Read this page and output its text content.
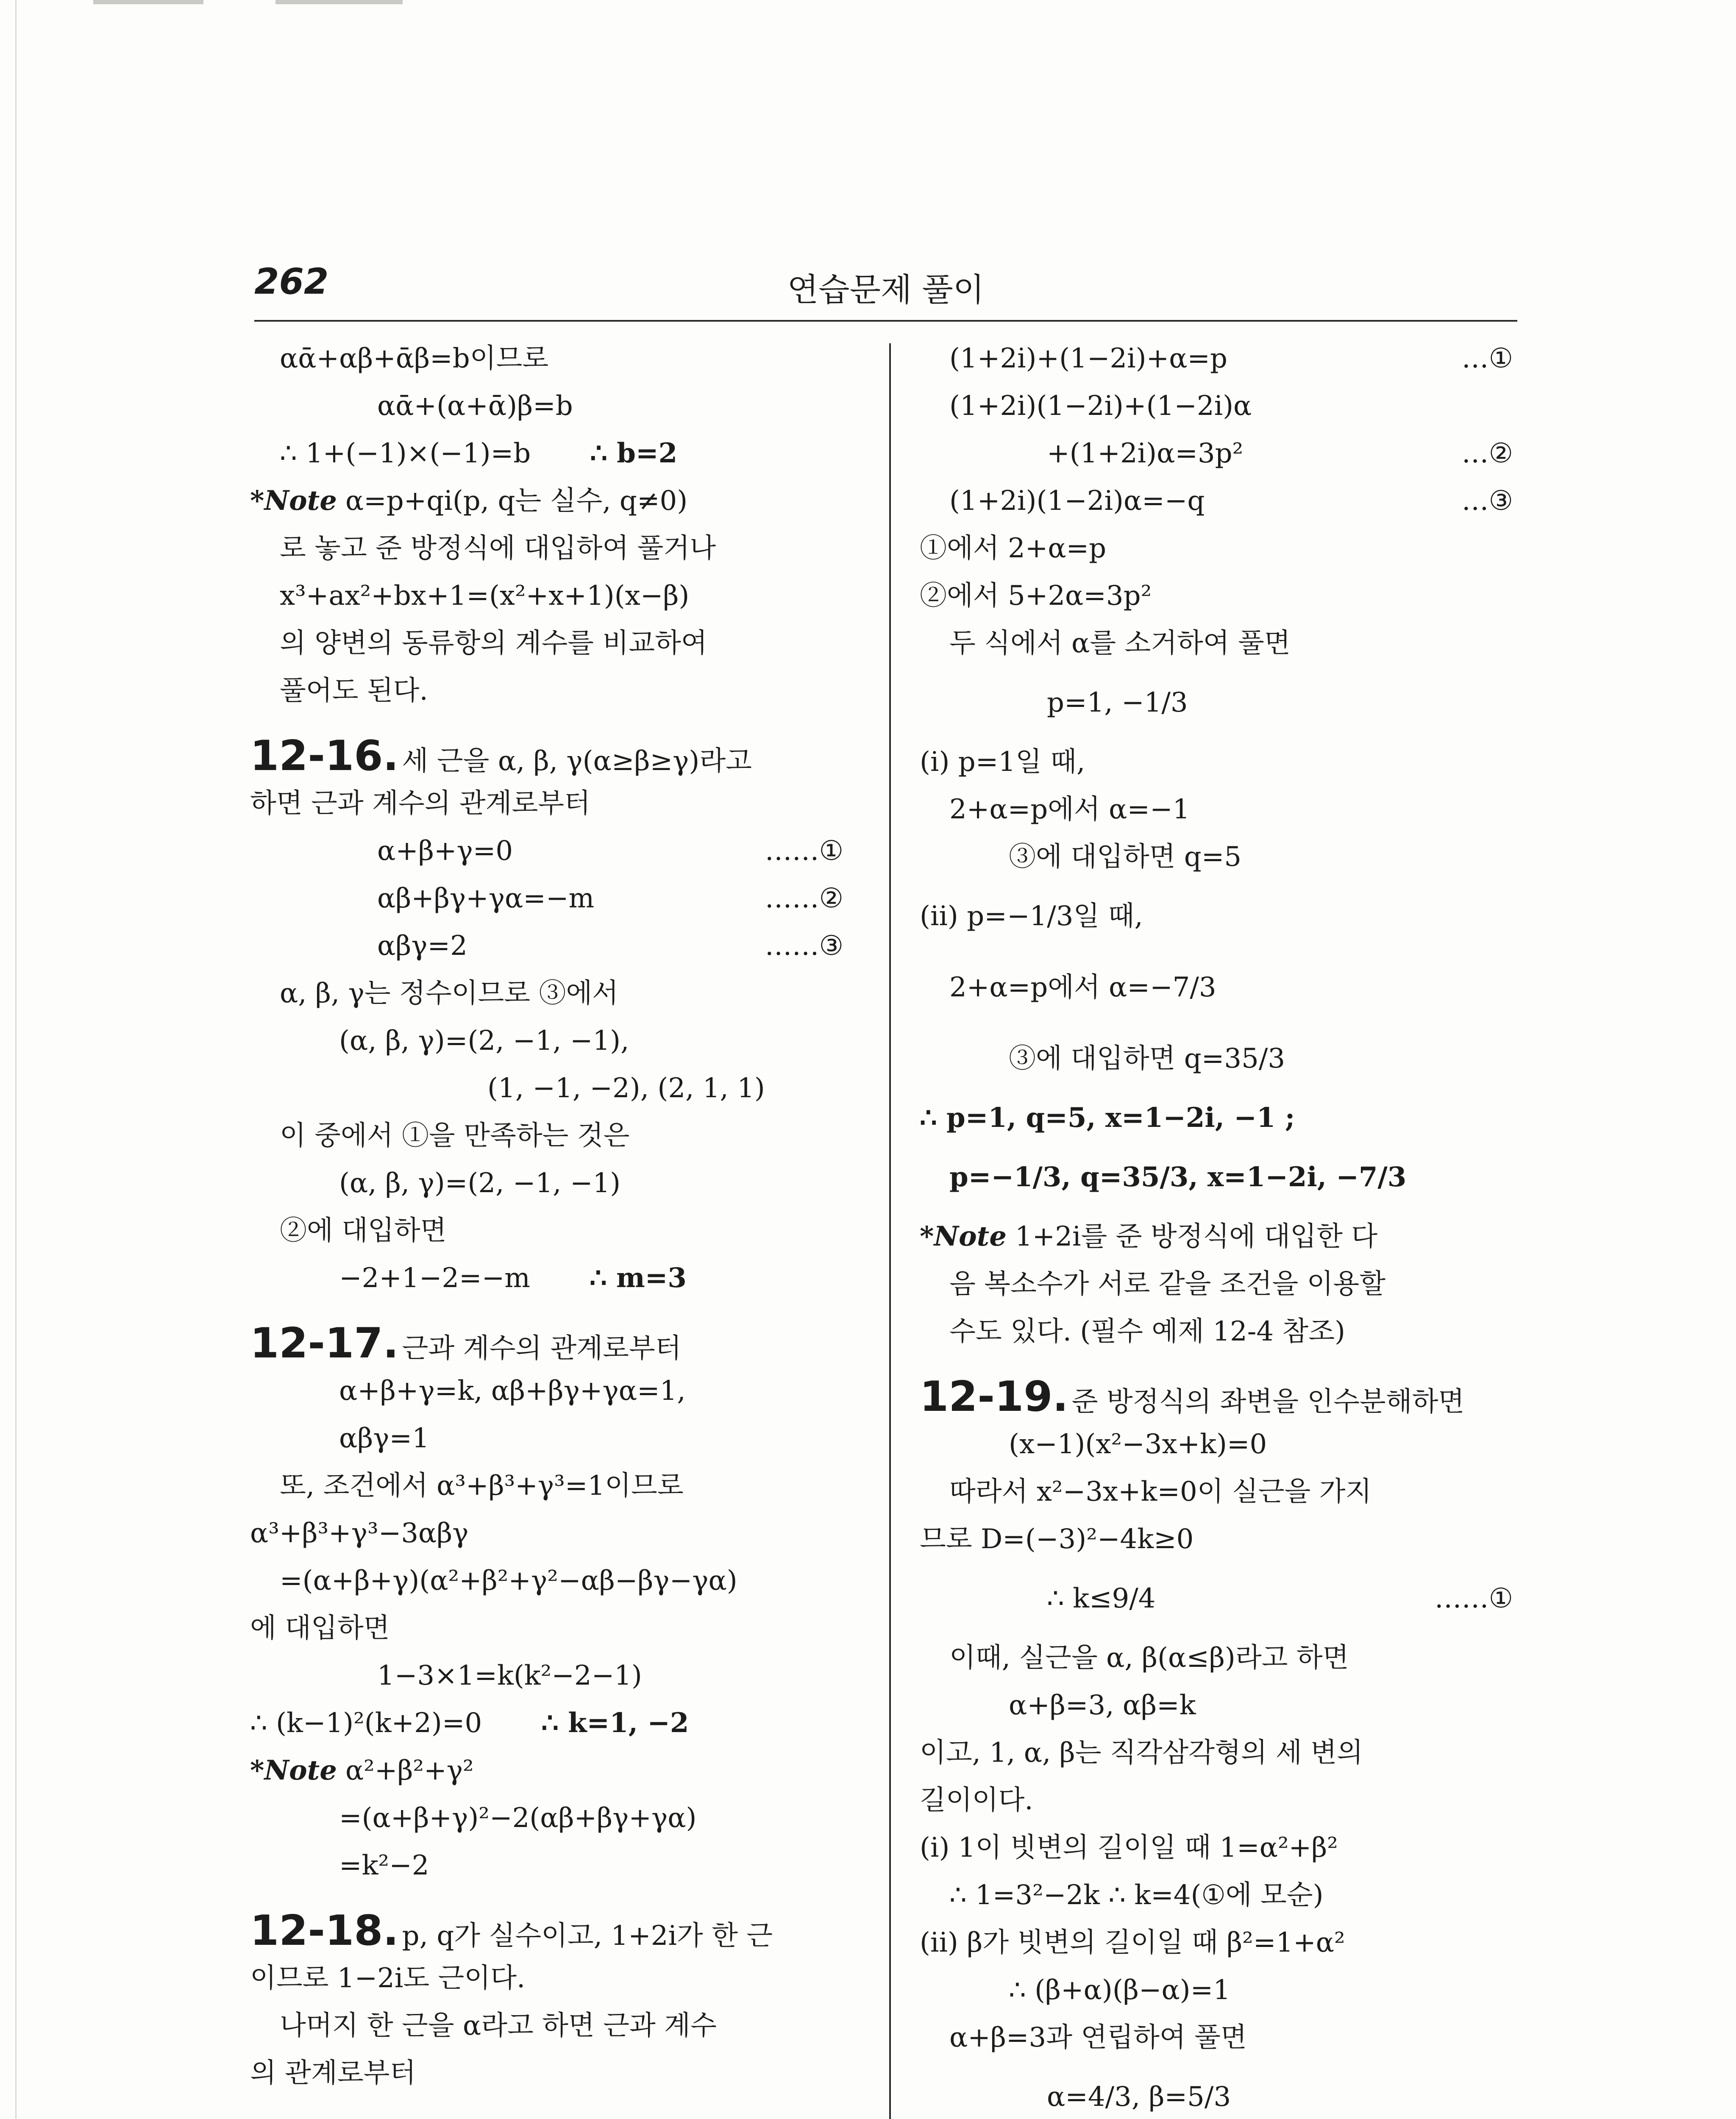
262	연습문제 풀이
αᾱ+αβ+ᾱβ=b이므로
αᾱ+(α+ᾱ)β=b
∴ 1+(−1)×(−1)=b ∴ b=2
*Note α=p+qi(p, q는 실수, q≠0)
로 놓고 준 방정식에 대입하여 풀거나
x³+ax²+bx+1=(x²+x+1)(x−β)
의 양변의 동류항의 계수를 비교하여
풀어도 된다.
12-16. 세 근을 α, β, γ(α≥β≥γ)라고
하면 근과 계수의 관계로부터
α+β+γ=0	……①
αβ+βγ+γα=−m	……②
αβγ=2	……③
α, β, γ는 정수이므로 ③에서
(α, β, γ)=(2, −1, −1),
(1, −1, −2), (2, 1, 1)
이 중에서 ①을 만족하는 것은
(α, β, γ)=(2, −1, −1)
②에 대입하면
−2+1−2=−m ∴ m=3
12-17. 근과 계수의 관계로부터
α+β+γ=k, αβ+βγ+γα=1,
αβγ=1
또, 조건에서 α³+β³+γ³=1이므로
α³+β³+γ³−3αβγ
=(α+β+γ)(α²+β²+γ²−αβ−βγ−γα)
에 대입하면
1−3×1=k(k²−2−1)
∴ (k−1)²(k+2)=0 ∴ k=1, −2
*Note α²+β²+γ²
=(α+β+γ)²−2(αβ+βγ+γα)
=k²−2
12-18. p, q가 실수이고, 1+2i가 한 근
이므로 1−2i도 근이다.
나머지 한 근을 α라고 하면 근과 계수
의 관계로부터
(1+2i)+(1−2i)+α=p	…①
(1+2i)(1−2i)+(1−2i)α
+(1+2i)α=3p²	…②
(1+2i)(1−2i)α=−q	…③
①에서 2+α=p
②에서 5+2α=3p²
두 식에서 α를 소거하여 풀면
p=1, −1/3
(i) p=1일 때,
2+α=p에서 α=−1
③에 대입하면 q=5
(ii) p=−1/3일 때,
2+α=p에서 α=−7/3
③에 대입하면 q=35/3
∴ p=1, q=5, x=1−2i, −1 ;
p=−1/3, q=35/3, x=1−2i, −7/3
*Note 1+2i를 준 방정식에 대입한 다
음 복소수가 서로 같을 조건을 이용할
수도 있다. (필수 예제 12-4 참조)
12-19. 준 방정식의 좌변을 인수분해하면
(x−1)(x²−3x+k)=0
따라서 x²−3x+k=0이 실근을 가지
므로 D=(−3)²−4k≥0
∴ k≤9/4	……①
이때, 실근을 α, β(α≤β)라고 하면
α+β=3, αβ=k
이고, 1, α, β는 직각삼각형의 세 변의
길이이다.
(i) 1이 빗변의 길이일 때 1=α²+β²
∴ 1=3²−2k ∴ k=4(①에 모순)
(ii) β가 빗변의 길이일 때 β²=1+α²
∴ (β+α)(β−α)=1
α+β=3과 연립하여 풀면
α=4/3, β=5/3
